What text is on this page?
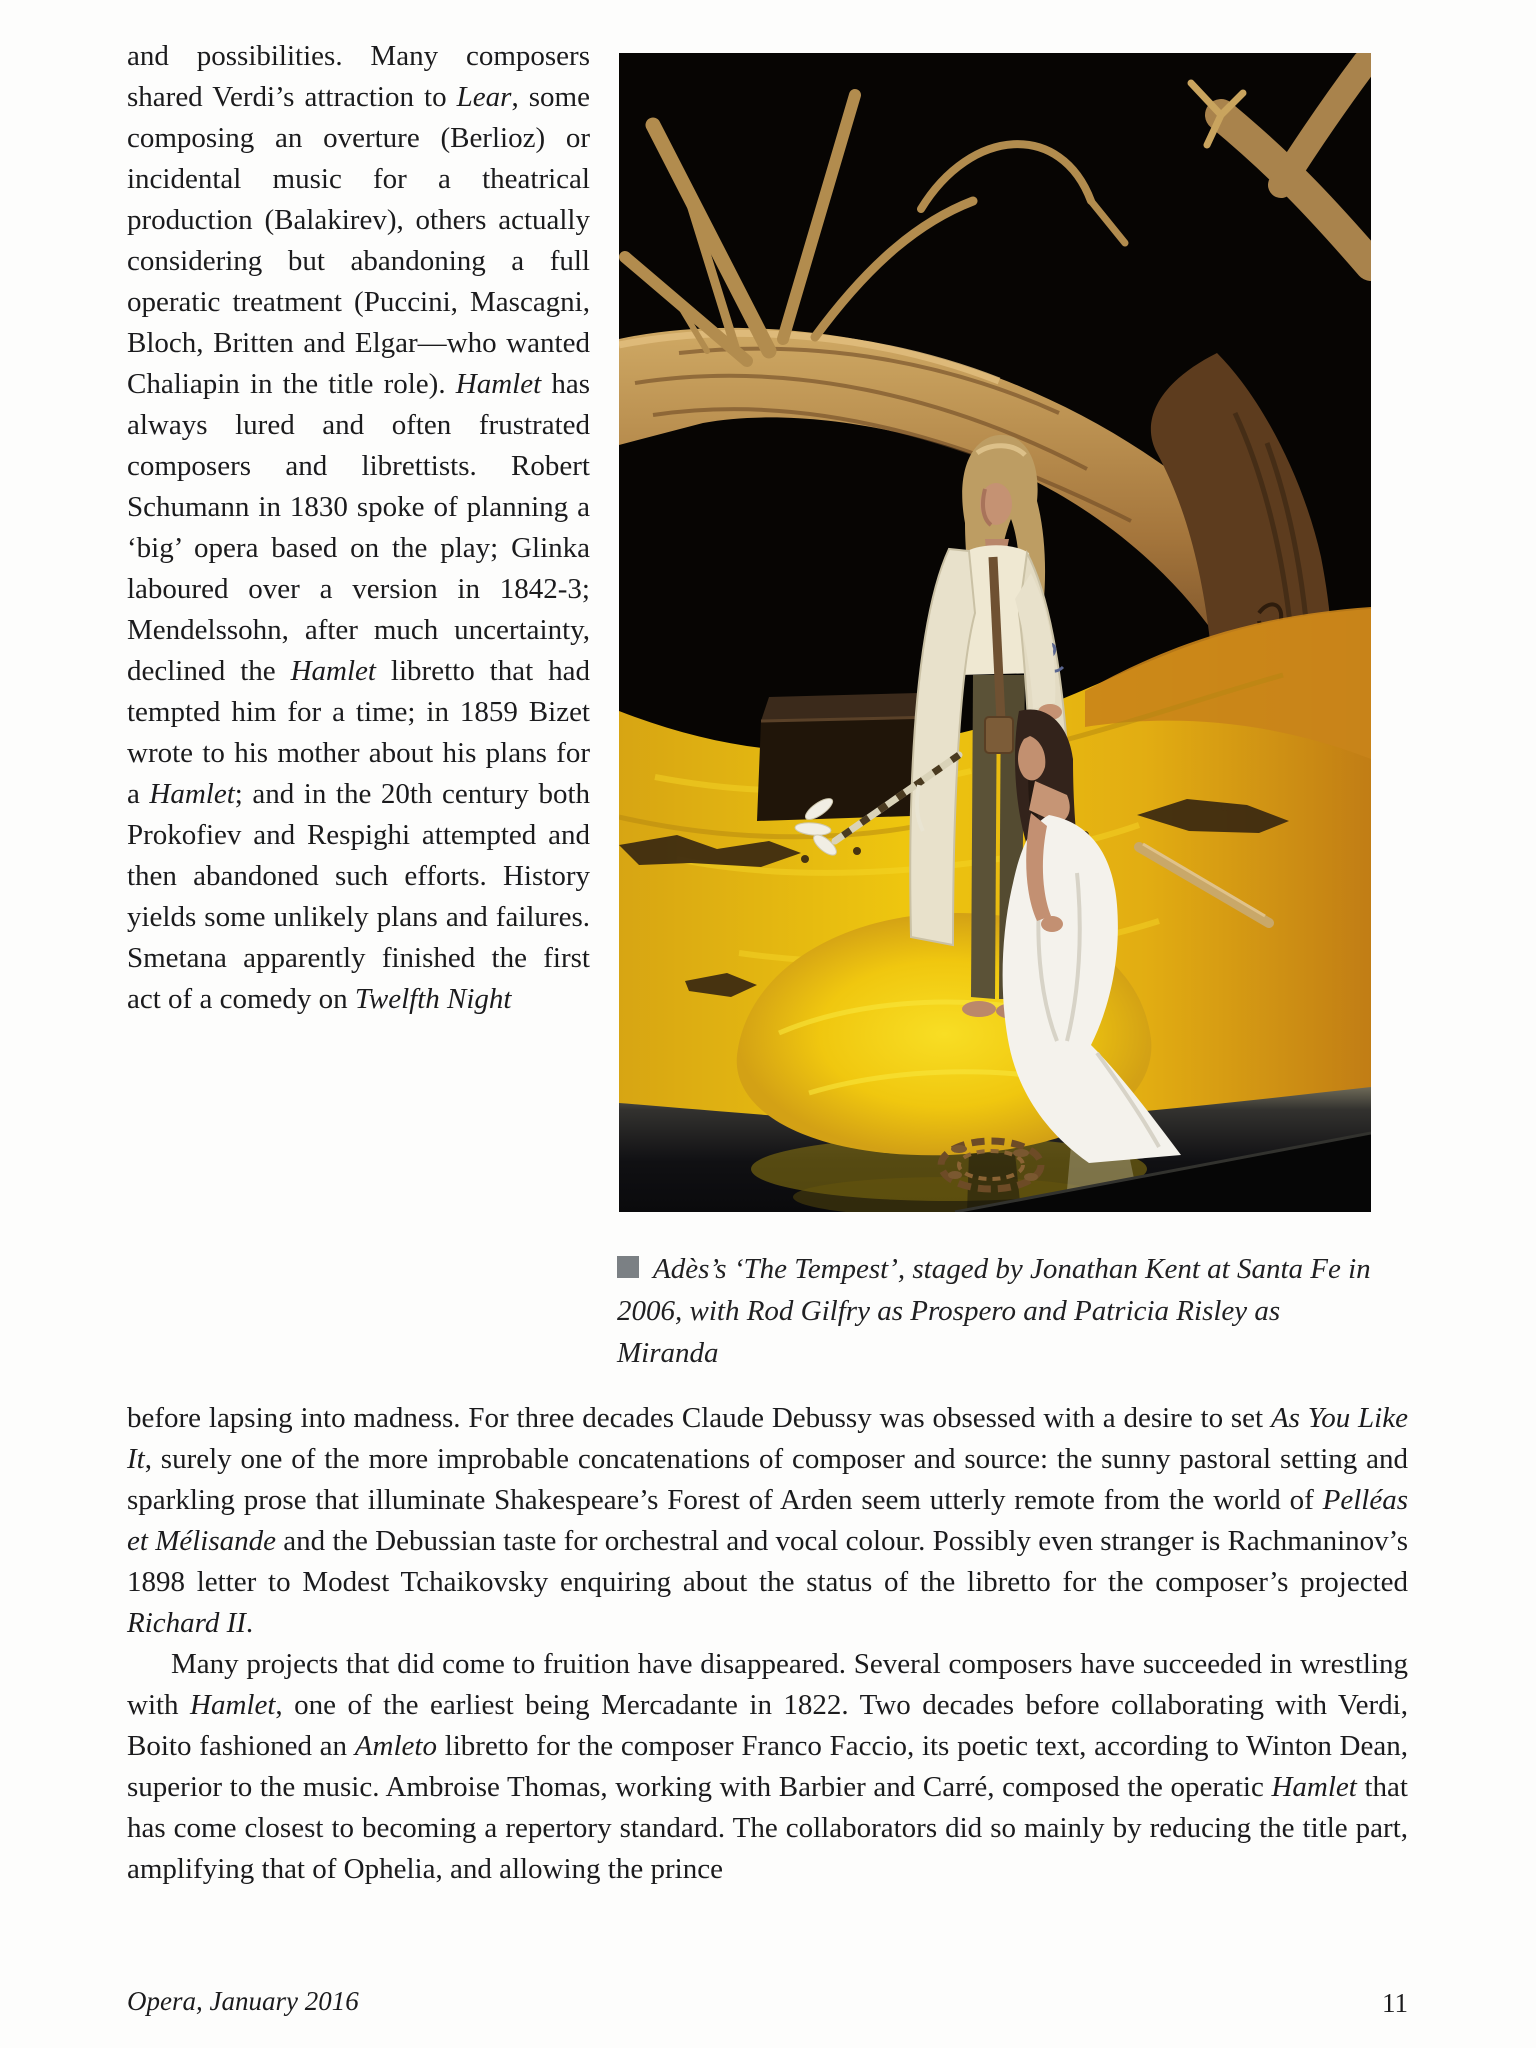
and possibilities. Many composers shared Verdi’s attraction to Lear, some composing an overture (Berlioz) or incidental music for a theatrical production (Balakirev), others actually considering but abandoning a full operatic treatment (Puccini, Mascagni, Bloch, Britten and Elgar—who wanted Chaliapin in the title role). Hamlet has always lured and often frustrated composers and librettists. Robert Schumann in 1830 spoke of planning a ‘big’ opera based on the play; Glinka laboured over a version in 1842-3; Mendelssohn, after much uncertainty, declined the Hamlet libretto that had tempted him for a time; in 1859 Bizet wrote to his mother about his plans for a Hamlet; and in the 20th century both Prokofiev and Respighi attempted and then abandoned such efforts. History yields some unlikely plans and failures. Smetana apparently finished the first act of a comedy on Twelfth Night
Adès’s ‘The Tempest’, staged by Jonathan Kent at Santa Fe in 2006, with Rod Gilfry as Prospero and Patricia Risley as Miranda

before lapsing into madness. For three decades Claude Debussy was obsessed with a desire to set As You Like It, surely one of the more improbable concatenations of composer and source: the sunny pastoral setting and sparkling prose that illuminate Shakespeare’s Forest of Arden seem utterly remote from the world of Pelléas et Mélisande and the Debussian taste for orchestral and vocal colour. Possibly even stranger is Rachmaninov’s 1898 letter to Modest Tchaikovsky enquiring about the status of the libretto for the composer’s projected Richard II.

Many projects that did come to fruition have disappeared. Several composers have succeeded in wrestling with Hamlet, one of the earliest being Mercadante in 1822. Two decades before collaborating with Verdi, Boito fashioned an Amleto libretto for the composer Franco Faccio, its poetic text, according to Winton Dean, superior to the music. Ambroise Thomas, working with Barbier and Carré, composed the operatic Hamlet that has come closest to becoming a repertory standard. The collaborators did so mainly by reducing the title part, amplifying that of Ophelia, and allowing the prince

Opera, January 2016	11
